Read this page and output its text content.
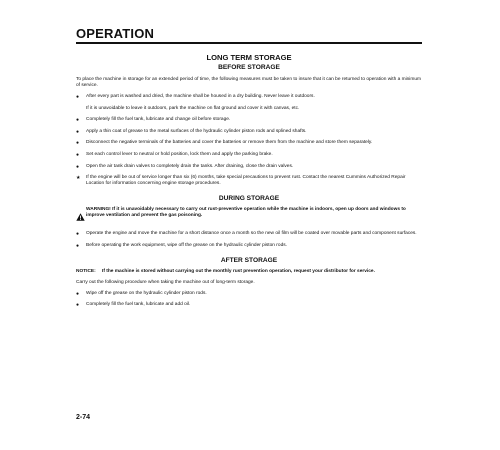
OPERATION
LONG TERM STORAGE
BEFORE STORAGE

To place the machine in storage for an extended period of time, the following measures must be taken to insure that it can be returned to operation with a minimum of service.

●	After every part is washed and dried, the machine shall be housed in a dry building. Never leave it outdoors.
If it is unavoidable to leave it outdoors, park the machine on flat ground and cover it with canvas, etc.
●	Completely fill the fuel tank, lubricate and change oil before storage.
●	Apply a thin coat of grease to the metal surfaces of the hydraulic cylinder piston rods and splined shafts.
●	Disconnect the negative terminals of the batteries and cover the batteries or remove them from the machine and store them separately.
●	Set each control lever to neutral or hold position, lock them and apply the parking brake.
●	Open the air tank drain valves to completely drain the tanks. After draining, close the drain valves.
★	If the engine will be out of service longer than six (6) months, take special precautions to prevent rust. Contact the nearest Cummins Authorized Repair Location for information concerning engine storage procedures.
DURING STORAGE
WARNING! If it is unavoidably necessary to carry out rust-preventive operation while the machine is indoors, open up doors and windows to improve ventilation and prevent the gas poisoning.
●	Operate the engine and move the machine for a short distance once a month so the new oil film will be coated over movable parts and component surfaces.
●	Before operating the work equipment, wipe off the grease on the hydraulic cylinder piston rods.
AFTER STORAGE
NOTICE:	If the machine is stored without carrying out the monthly rust prevention operation, request your distributor for service.

Carry out the following procedure when taking the machine out of long-term storage.

●	Wipe off the grease on the hydraulic cylinder piston rods.
●	Completely fill the fuel tank, lubricate and add oil.
2-74
